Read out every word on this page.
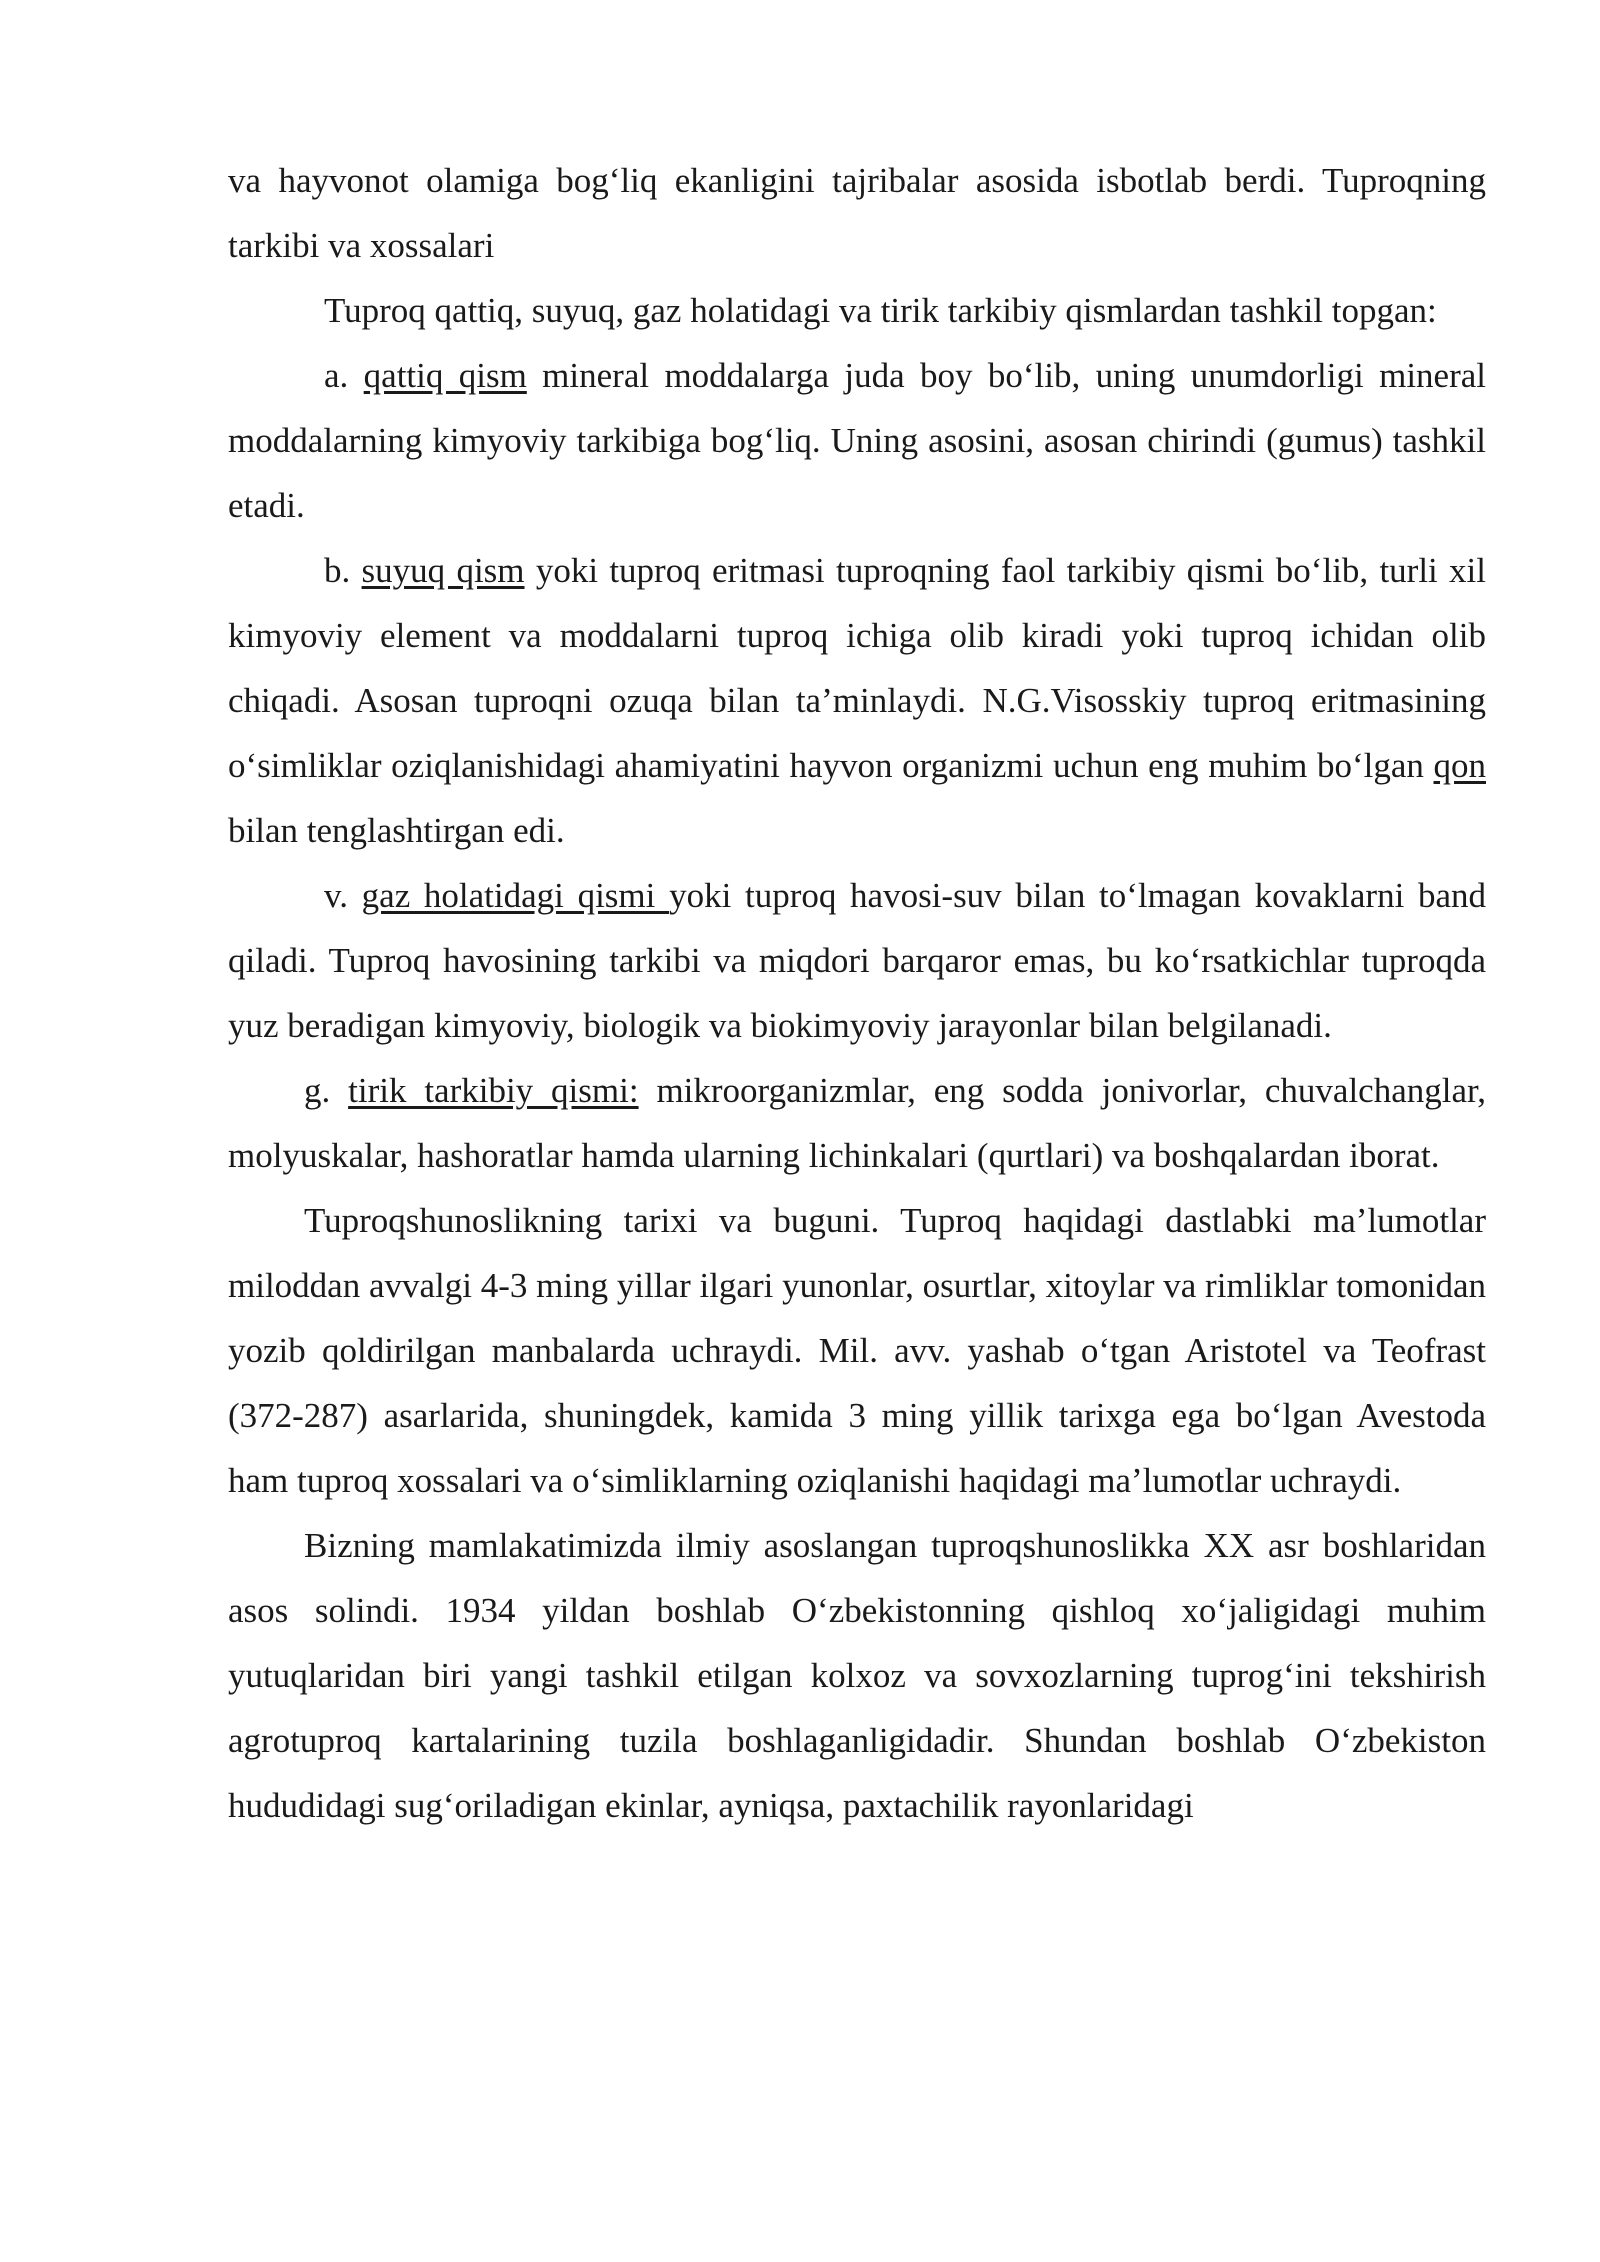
va hayvonot olamiga bog‘liq ekanligini tajribalar asosida isbotlab berdi. Tuproqning tarkibi va xossalari

Tuproq qattiq, suyuq, gaz holatidagi va tirik tarkibiy qismlardan tashkil topgan:

a. qattiq qism mineral moddalarga juda boy bo‘lib, uning unumdorligi mineral moddalarning kimyoviy tarkibiga bog‘liq. Uning asosini, asosan chirindi (gumus) tashkil etadi.

b. suyuq qism yoki tuproq eritmasi tuproqning faol tarkibiy qismi bo‘lib, turli xil kimyoviy element va moddalarni tuproq ichiga olib kiradi yoki tuproq ichidan olib chiqadi. Asosan tuproqni ozuqa bilan ta’minlaydi. N.G.Visosskiy tuproq eritmasining o‘simliklar oziqlanishidagi ahamiyatini hayvon organizmi uchun eng muhim bo‘lgan qon bilan tenglashtirgan edi.

v. gaz holatidagi qismi yoki tuproq havosi-suv bilan to‘lmagan kovaklarni band qiladi. Tuproq havosining tarkibi va miqdori barqaror emas, bu ko‘rsatkichlar tuproqda yuz beradigan kimyoviy, biologik va biokimyoviy jarayonlar bilan belgilanadi.

g. tirik tarkibiy qismi: mikroorganizmlar, eng sodda jonivorlar, chuvalchanglar, molyuskalar, hashoratlar hamda ularning lichinkalari (qurtlari) va boshqalardan iborat.

Tuproqshunoslikning tarixi va buguni. Tuproq haqidagi dastlabki ma’lumotlar miloddan avvalgi 4-3 ming yillar ilgari yunonlar, osurtlar, xitoylar va rimliklar tomonidan yozib qoldirilgan manbalarda uchraydi. Mil. avv. yashab o‘tgan Aristotel va Teofrast (372-287) asarlarida, shuningdek, kamida 3 ming yillik tarixga ega bo‘lgan Avestoda ham tuproq xossalari va o‘simliklarning oziqlanishi haqidagi ma’lumotlar uchraydi.

Bizning mamlakatimizda ilmiy asoslangan tuproqshunoslikka XX asr boshlaridan asos solindi. 1934 yildan boshlab O‘zbekistonning qishloq xo‘jaligidagi muhim yutuqlaridan biri yangi tashkil etilgan kolxoz va sovxozlarning tuprog‘ini tekshirish agrotuproq kartalarining tuzila boshlaganligidadir. Shundan boshlab O‘zbekiston hududidagi sug‘oriladigan ekinlar, ayniqsa, paxtachilik rayonlaridagi
